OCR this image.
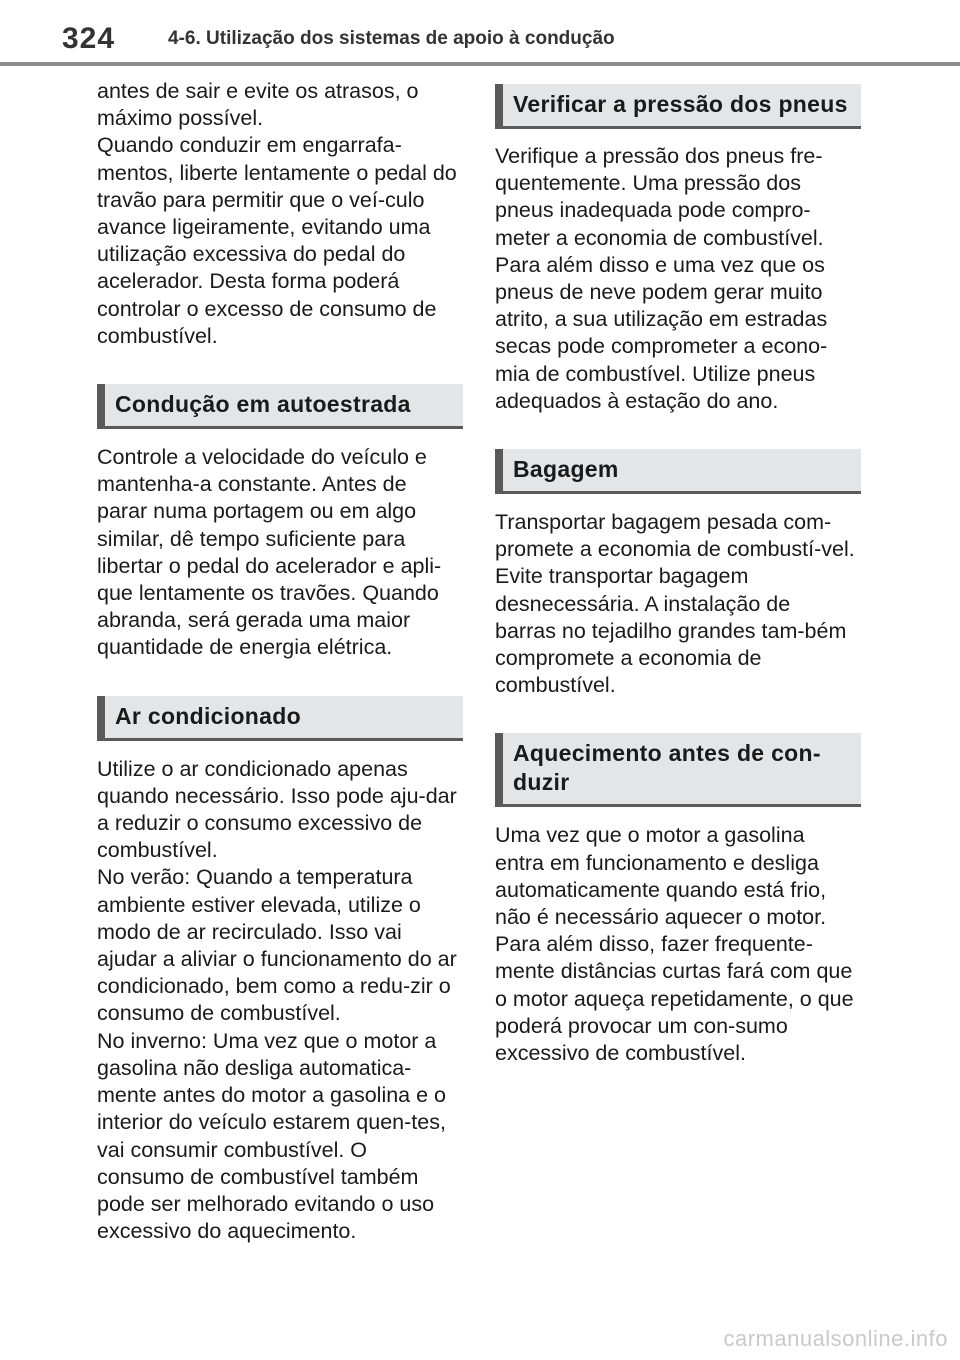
324	4-6. Utilização dos sistemas de apoio à condução

antes de sair e evite os atrasos, o máximo possível.
Quando conduzir em engarrafa-mentos, liberte lentamente o pedal do travão para permitir que o veí-culo avance ligeiramente, evitando uma utilização excessiva do pedal do acelerador. Desta forma poderá controlar o excesso de consumo de combustível.

Condução em autoestrada

Controle a velocidade do veículo e mantenha-a constante. Antes de parar numa portagem ou em algo similar, dê tempo suficiente para libertar o pedal do acelerador e apli-que lentamente os travões. Quando abranda, será gerada uma maior quantidade de energia elétrica.

Ar condicionado

Utilize o ar condicionado apenas quando necessário. Isso pode aju-dar a reduzir o consumo excessivo de combustível.
No verão: Quando a temperatura ambiente estiver elevada, utilize o modo de ar recirculado. Isso vai ajudar a aliviar o funcionamento do ar condicionado, bem como a redu-zir o consumo de combustível.
No inverno: Uma vez que o motor a gasolina não desliga automatica-mente antes do motor a gasolina e o interior do veículo estarem quen-tes, vai consumir combustível. O consumo de combustível também pode ser melhorado evitando o uso excessivo do aquecimento.

Verificar a pressão dos pneus

Verifique a pressão dos pneus fre-quentemente. Uma pressão dos pneus inadequada pode compro-meter a economia de combustível. Para além disso e uma vez que os pneus de neve podem gerar muito atrito, a sua utilização em estradas secas pode comprometer a econo-mia de combustível. Utilize pneus adequados à estação do ano.

Bagagem

Transportar bagagem pesada com-promete a economia de combustí-vel. Evite transportar bagagem desnecessária. A instalação de barras no tejadilho grandes tam-bém compromete a economia de combustível.

Aquecimento antes de con-duzir

Uma vez que o motor a gasolina entra em funcionamento e desliga automaticamente quando está frio, não é necessário aquecer o motor. Para além disso, fazer frequente-mente distâncias curtas fará com que o motor aqueça repetidamente, o que poderá provocar um con-sumo excessivo de combustível.

carmanualsonline.info
